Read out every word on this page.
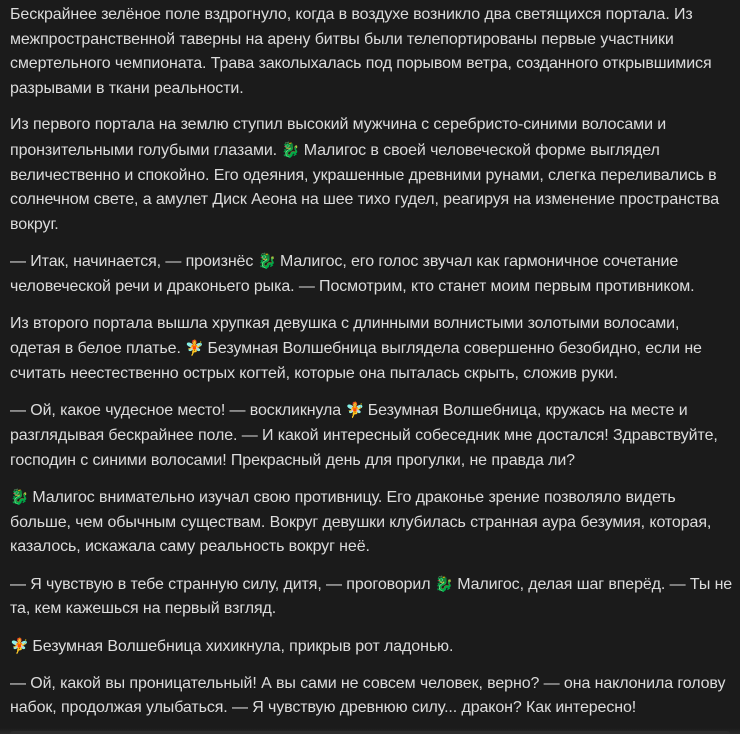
Бескрайнее зелёное поле вздрогнуло, когда в воздухе возникло два светящихся портала. Из межпространственной таверны на арену битвы были телепортированы первые участники смертельного чемпионата. Трава заколыхалась под порывом ветра, созданного открывшимися разрывами в ткани реальности.

Из первого портала на землю ступил высокий мужчина с серебристо-синими волосами и пронзительными голубыми глазами. 🐉 Малигос в своей человеческой форме выглядел величественно и спокойно. Его одеяния, украшенные древними рунами, слегка переливались в солнечном свете, а амулет Диск Аеона на шее тихо гудел, реагируя на изменение пространства вокруг.

— Итак, начинается, — произнёс 🐉 Малигос, его голос звучал как гармоничное сочетание человеческой речи и драконьего рыка. — Посмотрим, кто станет моим первым противником.

Из второго портала вышла хрупкая девушка с длинными волнистыми золотыми волосами, одетая в белое платье. 🧚 Безумная Волшебница выглядела совершенно безобидно, если не считать неестественно острых когтей, которые она пыталась скрыть, сложив руки.

— Ой, какое чудесное место! — воскликнула 🧚 Безумная Волшебница, кружась на месте и разглядывая бескрайнее поле. — И какой интересный собеседник мне достался! Здравствуйте, господин с синими волосами! Прекрасный день для прогулки, не правда ли?

🐉 Малигос внимательно изучал свою противницу. Его драконье зрение позволяло видеть больше, чем обычным существам. Вокруг девушки клубилась странная аура безумия, которая, казалось, искажала саму реальность вокруг неё.

— Я чувствую в тебе странную силу, дитя, — проговорил 🐉 Малигос, делая шаг вперёд. — Ты не та, кем кажешься на первый взгляд.

🧚 Безумная Волшебница хихикнула, прикрыв рот ладонью.

— Ой, какой вы проницательный! А вы сами не совсем человек, верно? — она наклонила голову набок, продолжая улыбаться. — Я чувствую древнюю силу... дракон? Как интересно!
